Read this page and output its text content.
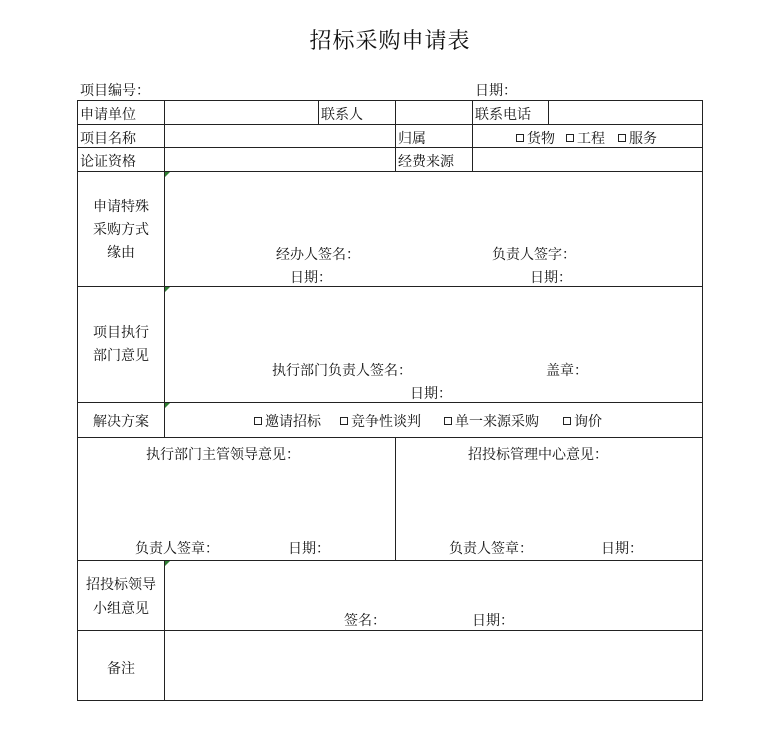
招标采购申请表
项目编号：	日期：
申请单位	联系人	联系电话
项目名称	归属	货物	工程	服务
论证资格	经费来源
申请特殊
采购方式
缘由	经办人签名：	负责人签字：
日期：	日期：
项目执行
部门意见
执行部门负责人签名：	盖章：
日期：
解决方案	邀请招标	竞争性谈判	单一来源采购	询价
执行部门主管领导意见：	招投标管理中心意见：
负责人签章：	日期：	负责人签章：	日期：
招投标领导
小组意见
签名：	日期：
备注
